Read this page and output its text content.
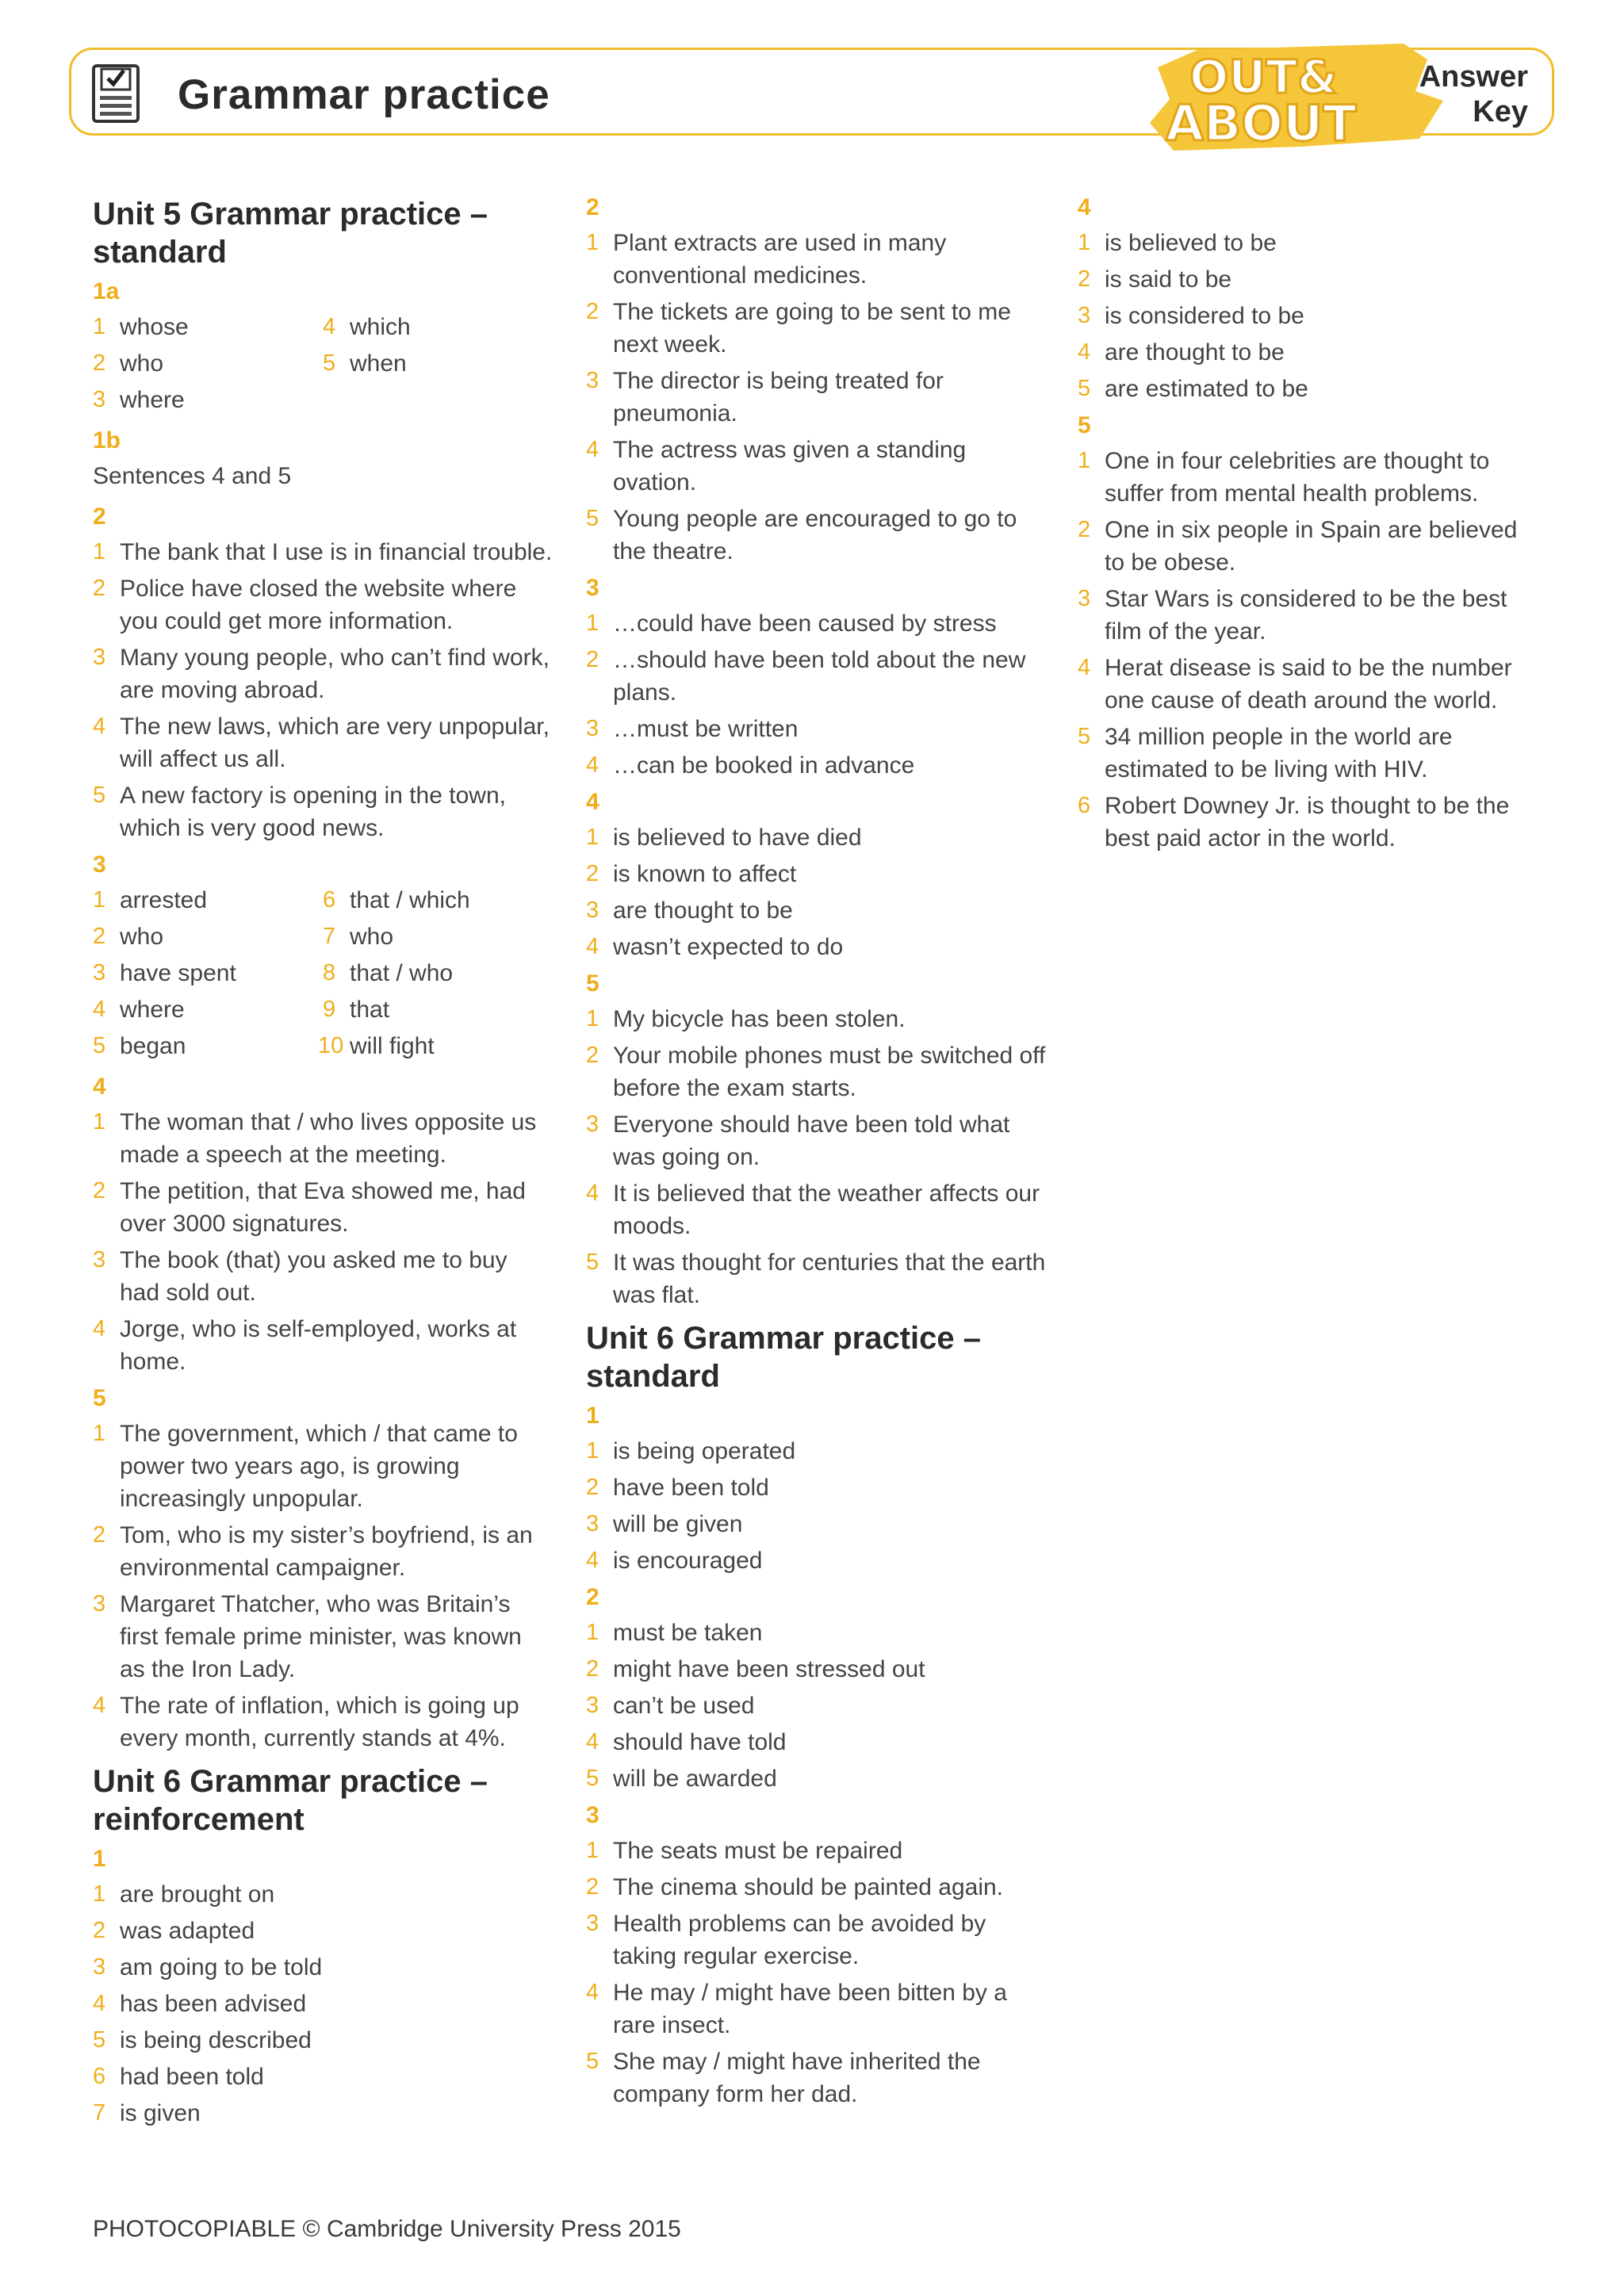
Grammar practice	OUT&
ABOUT
Answer
Key
Unit 5 Grammar practice – standard
1a
1 whose
2 who
3 where
4 which
5 when
1b
Sentences 4 and 5
2
1 The bank that I use is in financial trouble.
2 Police have closed the website where you could get more information.
3 Many young people, who can’t find work, are moving abroad.
4 The new laws, which are very unpopular, will affect us all.
5 A new factory is opening in the town, which is very good news.
3
1 arrested
2 who
3 have spent
4 where
5 began
6 that / which
7 who
8 that / who
9 that
10 will fight
4
1 The woman that / who lives opposite us made a speech at the meeting.
2 The petition, that Eva showed me, had over 3000 signatures.
3 The book (that) you asked me to buy had sold out.
4 Jorge, who is self-employed, works at home.
5
1 The government, which / that came to power two years ago, is growing increasingly unpopular.
2 Tom, who is my sister’s boyfriend, is an environmental campaigner.
3 Margaret Thatcher, who was Britain’s first female prime minister, was known as the Iron Lady.
4 The rate of inflation, which is going up every month, currently stands at 4%.
Unit 6 Grammar practice – reinforcement
1
1 are brought on
2 was adapted
3 am going to be told
4 has been advised
5 is being described
6 had been told
7 is given
2
1 Plant extracts are used in many conventional medicines.
2 The tickets are going to be sent to me next week.
3 The director is being treated for pneumonia.
4 The actress was given a standing ovation.
5 Young people are encouraged to go to the theatre.
3
1 …could have been caused by stress
2 …should have been told about the new plans.
3 …must be written
4 …can be booked in advance
4
1 is believed to have died
2 is known to affect
3 are thought to be
4 wasn’t expected to do
5
1 My bicycle has been stolen.
2 Your mobile phones must be switched off before the exam starts.
3 Everyone should have been told what was going on.
4 It is believed that the weather affects our moods.
5 It was thought for centuries that the earth was flat.
Unit 6 Grammar practice – standard
1
1 is being operated
2 have been told
3 will be given
4 is encouraged
2
1 must be taken
2 might have been stressed out
3 can’t be used
4 should have told
5 will be awarded
3
1 The seats must be repaired
2 The cinema should be painted again.
3 Health problems can be avoided by taking regular exercise.
4 He may / might have been bitten by a rare insect.
5 She may / might have inherited the company form her dad.
4
1 is believed to be
2 is said to be
3 is considered to be
4 are thought to be
5 are estimated to be
5
1 One in four celebrities are thought to suffer from mental health problems.
2 One in six people in Spain are believed to be obese.
3 Star Wars is considered to be the best film of the year.
4 Herat disease is said to be the number one cause of death around the world.
5 34 million people in the world are estimated to be living with HIV.
6 Robert Downey Jr. is thought to be the best paid actor in the world.
PHOTOCOPIABLE © Cambridge University Press 2015
